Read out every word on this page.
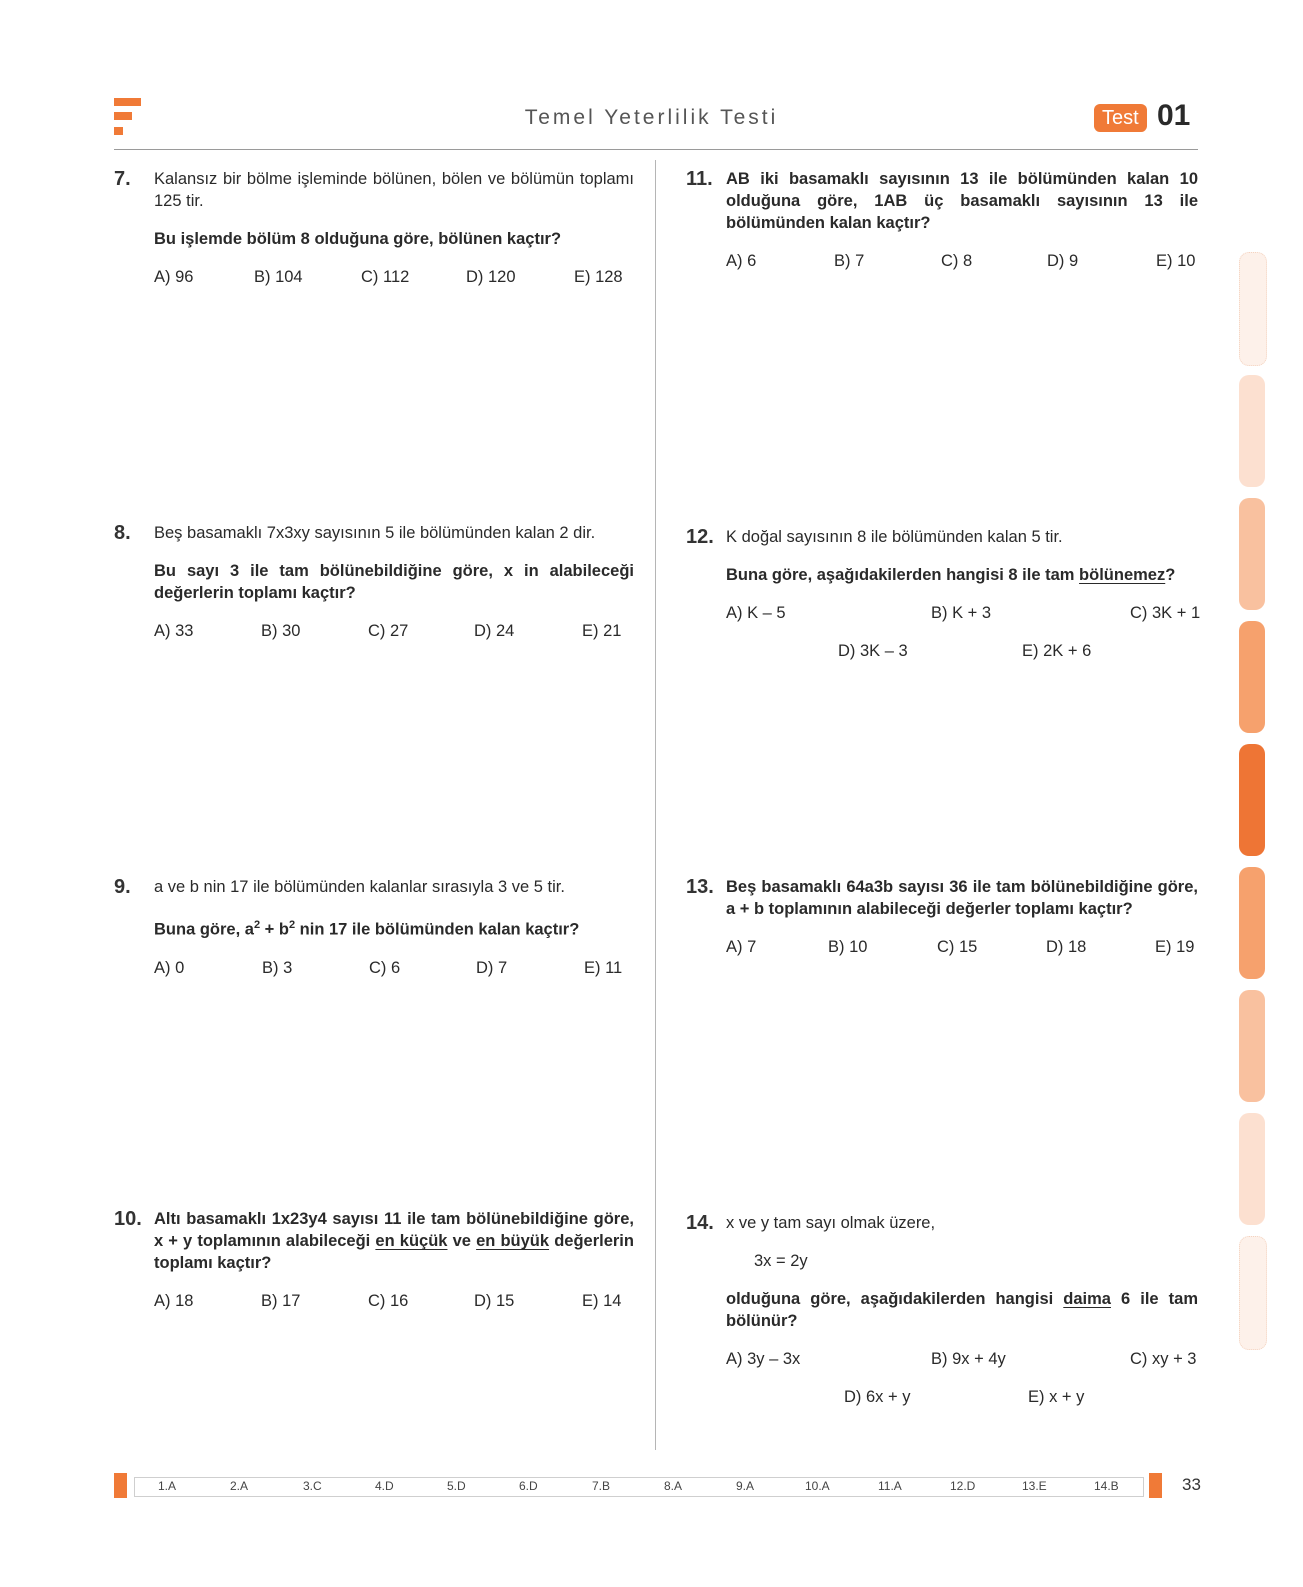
Temel Yeterlilik Testi	Test 01
7. Kalansız bir bölme işleminde bölünen, bölen ve bölümün toplamı 125 tir.

Bu işlemde bölüm 8 olduğuna göre, bölünen kaçtır?

A) 96	B) 104	C) 112	D) 120	E) 128
8. Beş basamaklı 7x3xy sayısının 5 ile bölümünden kalan 2 dir.

Bu sayı 3 ile tam bölünebildiğine göre, x in alabileceği değerlerin toplamı kaçtır?

A) 33	B) 30	C) 27	D) 24	E) 21
9. a ve b nin 17 ile bölümünden kalanlar sırasıyla 3 ve 5 tir.

Buna göre, $a^2 + b^2$ nin 17 ile bölümünden kalan kaçtır?

A) 0	B) 3	C) 6	D) 7	E) 11
10. Altı basamaklı 1x23y4 sayısı 11 ile tam bölünebildiğine göre, x + y toplamının alabileceği en küçük ve en büyük değerlerin toplamı kaçtır?

A) 18	B) 17	C) 16	D) 15	E) 14
11. AB iki basamaklı sayısının 13 ile bölümünden kalan 10 olduğuna göre, 1AB üç basamaklı sayısının 13 ile bölümünden kalan kaçtır?

A) 6	B) 7	C) 8	D) 9	E) 10
12. K doğal sayısının 8 ile bölümünden kalan 5 tir.

Buna göre, aşağıdakilerden hangisi 8 ile tam bölünemez?

A) K – 5	B) K + 3	C) 3K + 1
D) 3K – 3	E) 2K + 6
13. Beş basamaklı 64a3b sayısı 36 ile tam bölünebildiğine göre, a + b toplamının alabileceği değerler toplamı kaçtır?

A) 7	B) 10	C) 15	D) 18	E) 19
14. x ve y tam sayı olmak üzere,

3x = 2y

olduğuna göre, aşağıdakilerden hangisi daima 6 ile tam bölünür?

A) 3y – 3x	B) 9x + 4y	C) xy + 3
D) 6x + y	E) x + y
1.A	2.A	3.C	4.D	5.D	6.D	7.B	8.A	9.A	10.A	11.A	12.D	13.E	14.B	33
